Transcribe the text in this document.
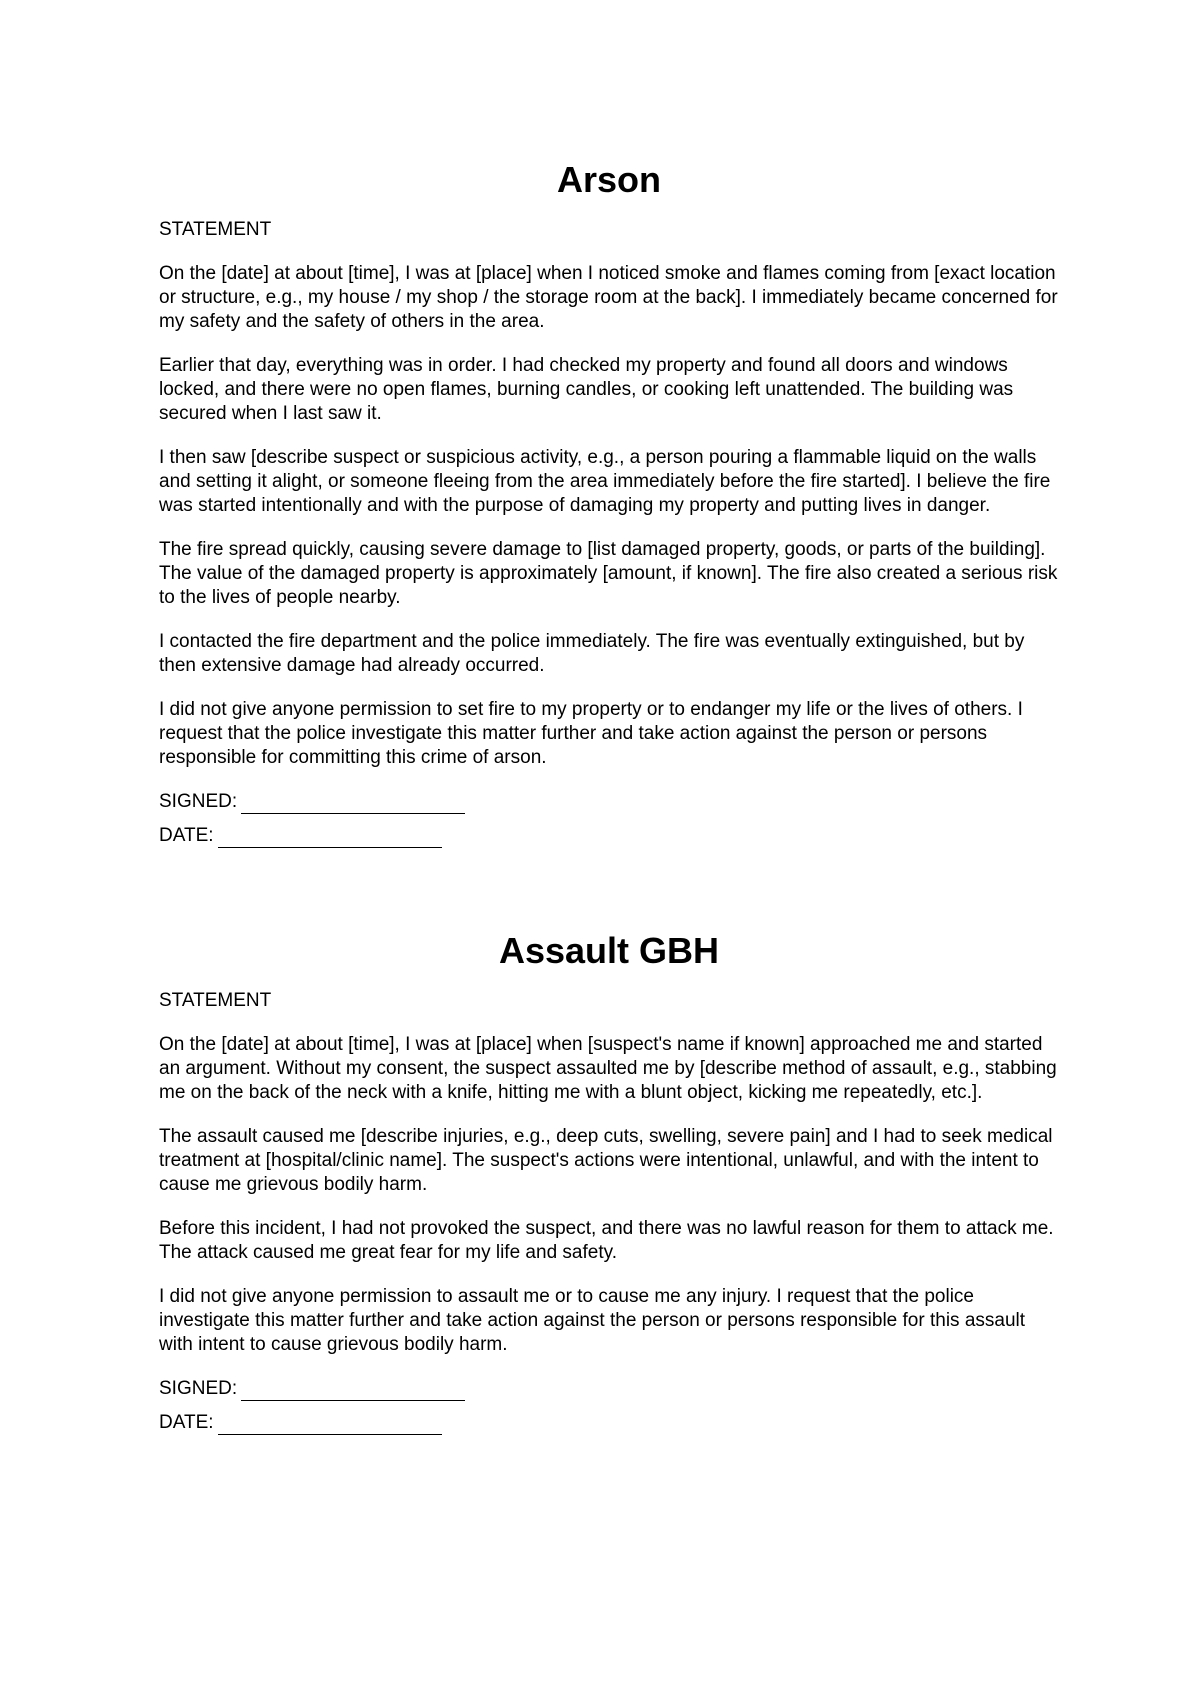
Arson
STATEMENT

On the [date] at about [time], I was at [place] when I noticed smoke and flames coming from [exact location or structure, e.g., my house / my shop / the storage room at the back]. I immediately became concerned for my safety and the safety of others in the area.

Earlier that day, everything was in order. I had checked my property and found all doors and windows locked, and there were no open flames, burning candles, or cooking left unattended. The building was secured when I last saw it.

I then saw [describe suspect or suspicious activity, e.g., a person pouring a flammable liquid on the walls and setting it alight, or someone fleeing from the area immediately before the fire started]. I believe the fire was started intentionally and with the purpose of damaging my property and putting lives in danger.

The fire spread quickly, causing severe damage to [list damaged property, goods, or parts of the building]. The value of the damaged property is approximately [amount, if known]. The fire also created a serious risk to the lives of people nearby.

I contacted the fire department and the police immediately. The fire was eventually extinguished, but by then extensive damage had already occurred.

I did not give anyone permission to set fire to my property or to endanger my life or the lives of others. I request that the police investigate this matter further and take action against the person or persons responsible for committing this crime of arson.

SIGNED:
DATE:
Assault GBH
STATEMENT

On the [date] at about [time], I was at [place] when [suspect's name if known] approached me and started an argument. Without my consent, the suspect assaulted me by [describe method of assault, e.g., stabbing me on the back of the neck with a knife, hitting me with a blunt object, kicking me repeatedly, etc.].

The assault caused me [describe injuries, e.g., deep cuts, swelling, severe pain] and I had to seek medical treatment at [hospital/clinic name]. The suspect's actions were intentional, unlawful, and with the intent to cause me grievous bodily harm.

Before this incident, I had not provoked the suspect, and there was no lawful reason for them to attack me. The attack caused me great fear for my life and safety.

I did not give anyone permission to assault me or to cause me any injury. I request that the police investigate this matter further and take action against the person or persons responsible for this assault with intent to cause grievous bodily harm.

SIGNED:
DATE:
